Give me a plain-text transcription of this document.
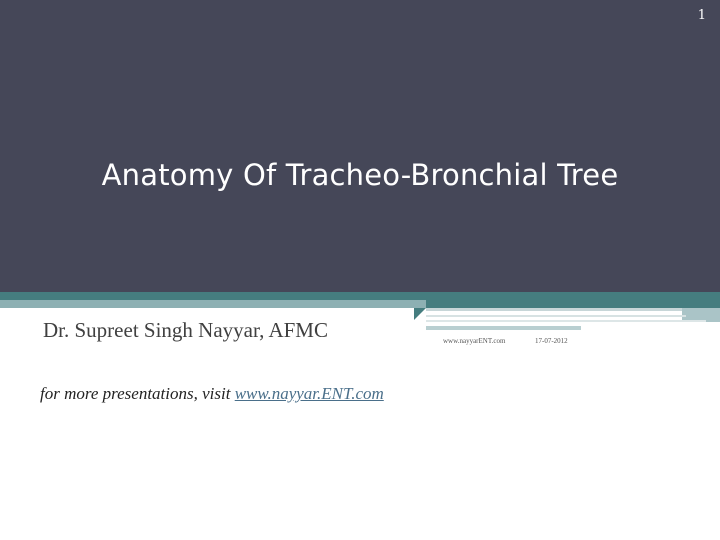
1
Anatomy Of Tracheo-Bronchial Tree
Dr. Supreet Singh Nayyar, AFMC	www.nayyarENT.com	17-07-2012
for more presentations, visit www.nayyar.ENT.com
